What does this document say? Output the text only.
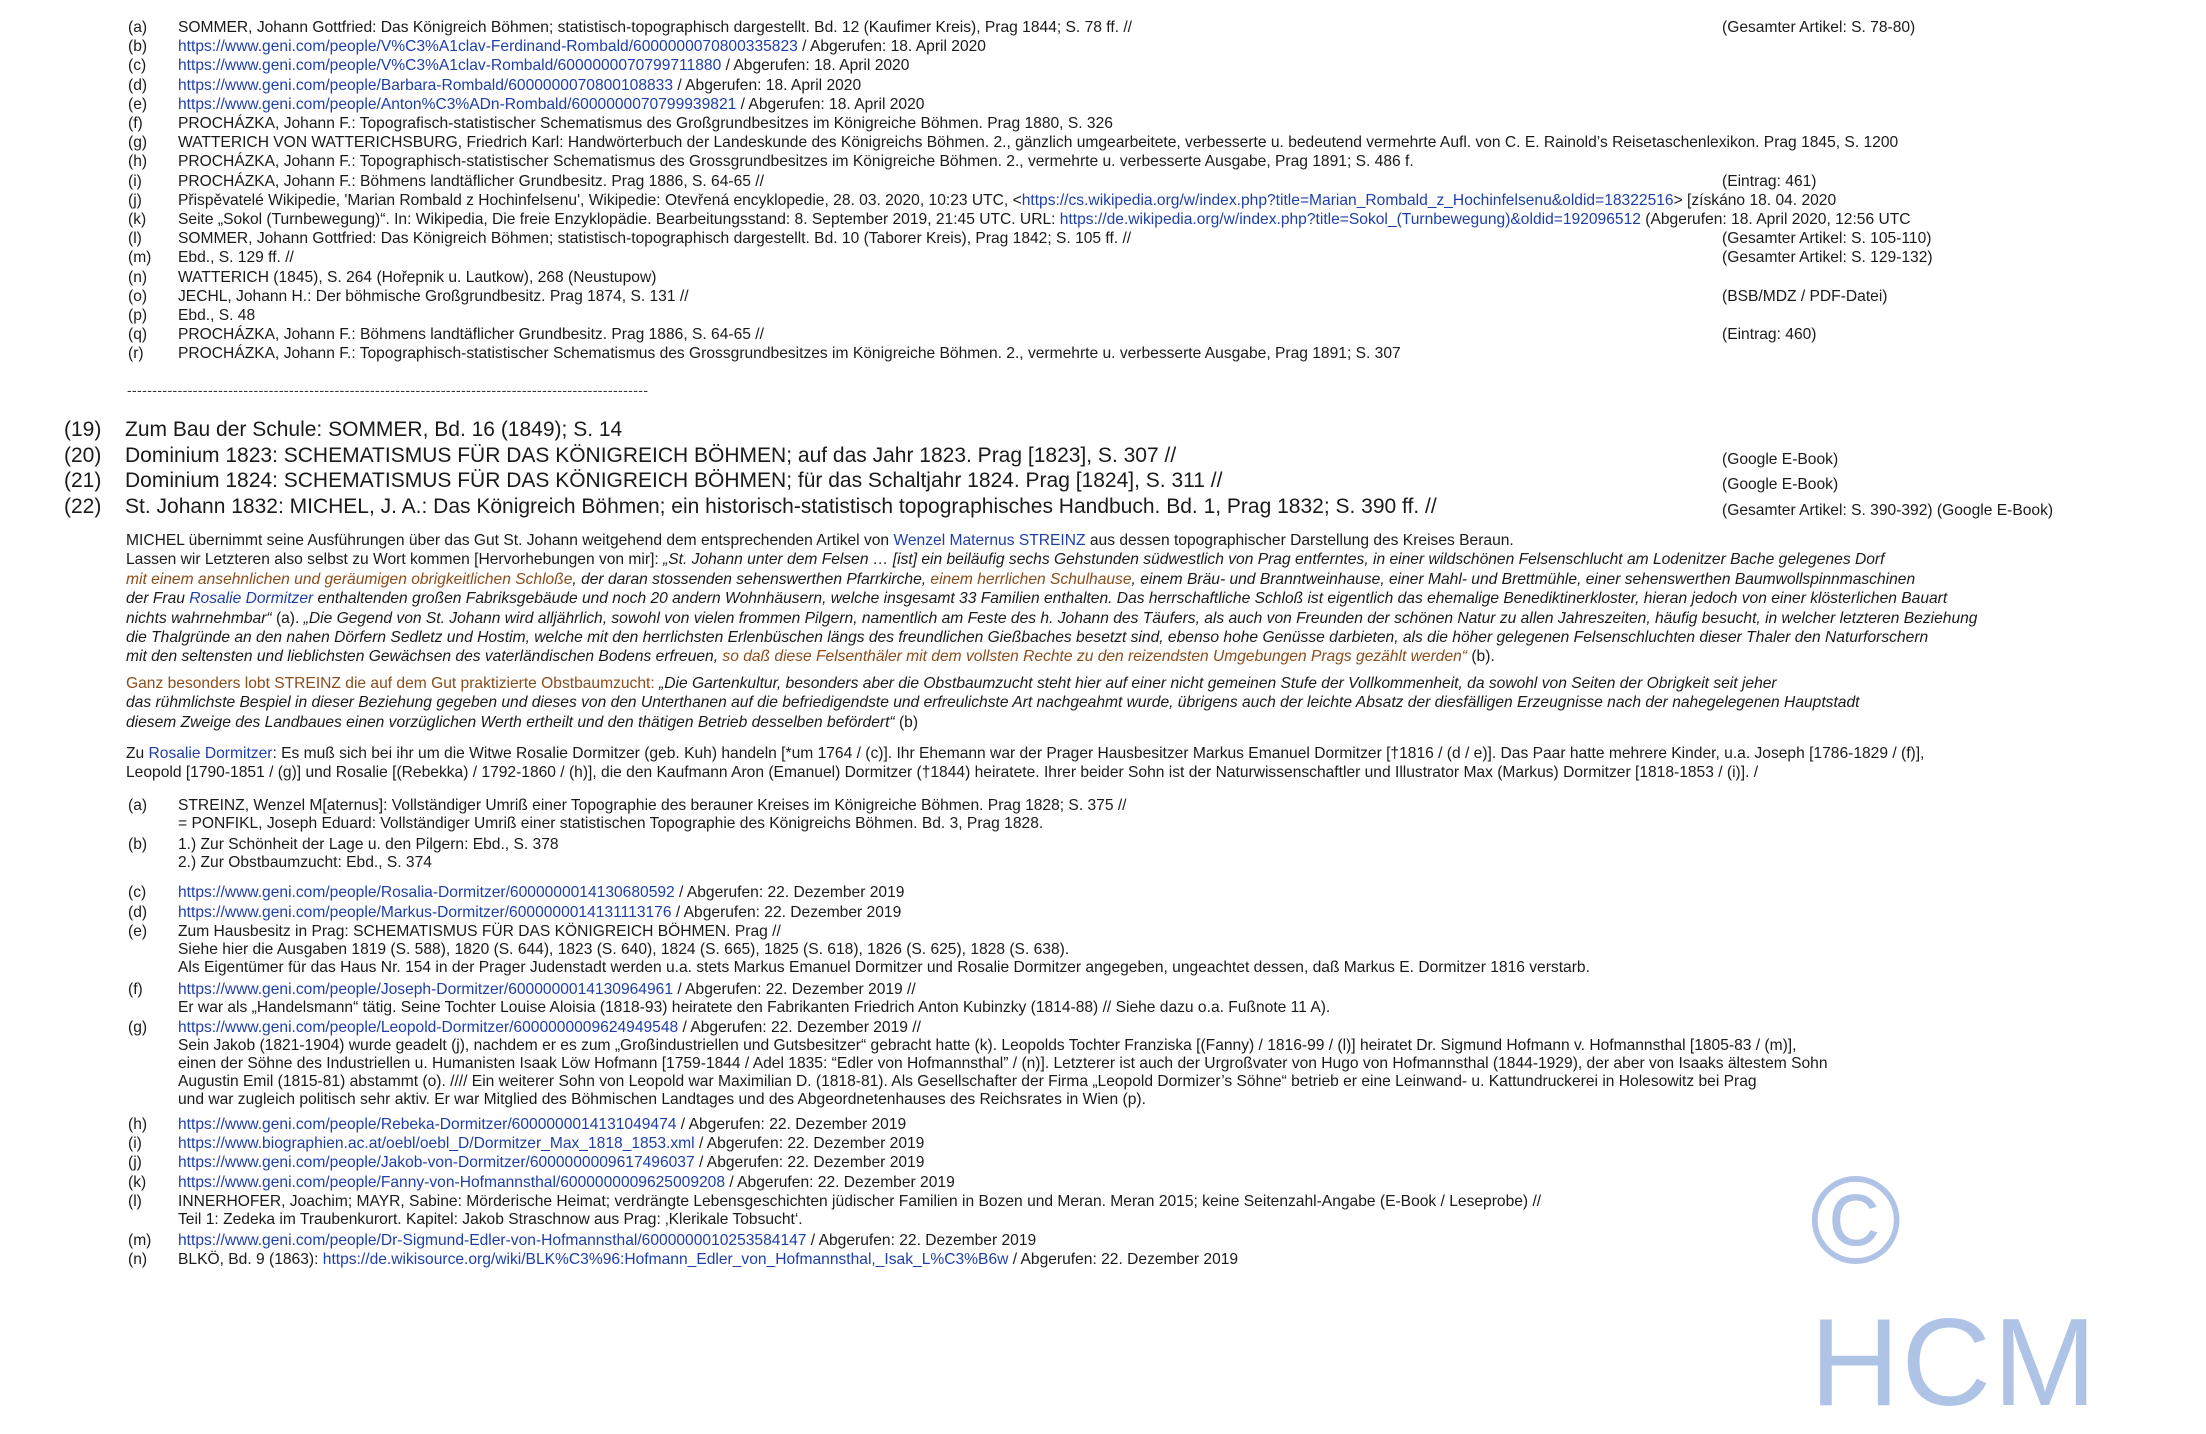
(a) SOMMER, Johann Gottfried: Das Königreich Böhmen; statistisch-topographisch dargestellt. Bd. 12 (Kaufimer Kreis), Prag 1844; S. 78 ff. //	(Gesamter Artikel: S. 78-80)
(b) https://www.geni.com/people/V%C3%A1clav-Ferdinand-Rombald/6000000070800335823 / Abgerufen: 18. April 2020
(c) https://www.geni.com/people/V%C3%A1clav-Rombald/6000000070799711880 / Abgerufen: 18. April 2020
(d) https://www.geni.com/people/Barbara-Rombald/6000000070800108833 / Abgerufen: 18. April 2020
(e) https://www.geni.com/people/Anton%C3%ADn-Rombald/6000000070799939821 / Abgerufen: 18. April 2020
(f) PROCHÁZKA, Johann F.: Topografisch-statistischer Schematismus des Großgrundbesitzes im Königreiche Böhmen. Prag 1880, S. 326
(g) WATTERICH VON WATTERICHSBURG, Friedrich Karl: Handwörterbuch der Landeskunde des Königreichs Böhmen. 2., gänzlich umgearbeitete, verbesserte u. bedeutend vermehrte Aufl. von C. E. Rainold’s Reisetaschenlexikon. Prag 1845, S. 1200
(h) PROCHÁZKA, Johann F.: Topographisch-statistischer Schematismus des Grossgrundbesitzes im Königreiche Böhmen. 2., vermehrte u. verbesserte Ausgabe, Prag 1891; S. 486 f.
(i) PROCHÁZKA, Johann F.: Böhmens landtäflicher Grundbesitz. Prag 1886, S. 64-65 //	(Eintrag: 461)
(j) Přispěvatelé Wikipedie, 'Marian Rombald z Hochinfelsenu', Wikipedie: Otevřená encyklopedie, 28. 03. 2020, 10:23 UTC, <https://cs.wikipedia.org/w/index.php?title=Marian_Rombald_z_Hochinfelsenu&oldid=18322516> [získáno 18. 04. 2020
(k) Seite „Sokol (Turnbewegung)“. In: Wikipedia, Die freie Enzyklopädie. Bearbeitungsstand: 8. September 2019, 21:45 UTC. URL: https://de.wikipedia.org/w/index.php?title=Sokol_(Turnbewegung)&oldid=192096512 (Abgerufen: 18. April 2020, 12:56 UTC
(l) SOMMER, Johann Gottfried: Das Königreich Böhmen; statistisch-topographisch dargestellt. Bd. 10 (Taborer Kreis), Prag 1842; S. 105 ff. //	(Gesamter Artikel: S. 105-110)
(m) Ebd., S. 129 ff. //	(Gesamter Artikel: S. 129-132)
(n) WATTERICH (1845), S. 264 (Hořepnik u. Lautkow), 268 (Neustupow)
(o) JECHL, Johann H.: Der böhmische Großgrundbesitz. Prag 1874, S. 131 //	(BSB/MDZ / PDF-Datei)
(p) Ebd., S. 48
(q) PROCHÁZKA, Johann F.: Böhmens landtäflicher Grundbesitz. Prag 1886, S. 64-65 //	(Eintrag: 460)
(r) PROCHÁZKA, Johann F.: Topographisch-statistischer Schematismus des Grossgrundbesitzes im Königreiche Böhmen. 2., vermehrte u. verbesserte Ausgabe, Prag 1891; S. 307
(19) Zum Bau der Schule: SOMMER, Bd. 16 (1849); S. 14
(20) Dominium 1823: SCHEMATISMUS FÜR DAS KÖNIGREICH BÖHMEN; auf das Jahr 1823. Prag [1823], S. 307 //	(Google E-Book)
(21) Dominium 1824: SCHEMATISMUS FÜR DAS KÖNIGREICH BÖHMEN; für das Schaltjahr 1824. Prag [1824], S. 311 //	(Google E-Book)
(22) St. Johann 1832: MICHEL, J. A.: Das Königreich Böhmen; ein historisch-statistisch topographisches Handbuch. Bd. 1, Prag 1832; S. 390 ff. //	(Gesamter Artikel: S. 390-392) (Google E-Book)
MICHEL übernimmt seine Ausführungen über das Gut St. Johann weitgehend dem entsprechenden Artikel von Wenzel Maternus STREINZ aus dessen topographischer Darstellung des Kreises Beraun.
Lassen wir Letzteren also selbst zu Wort kommen [Hervorhebungen von mir]: „St. Johann unter dem Felsen … [ist] ein beiläufig sechs Gehstunden südwestlich von Prag entferntes, in einer wildschönen Felsenschlucht am Lodenitzer Bache gelegenes Dorf
mit einem ansehnlichen und geräumigen obrigkeitlichen Schloße, der daran stossenden sehenswerthen Pfarrkirche, einem herrlichen Schulhause, einem Bräu- und Branntweinhause, einer Mahl- und Brettmühle, einer sehenswerthen Baumwollspinnmaschinen
der Frau Rosalie Dormitzer enthaltenden großen Fabriksgebäude und noch 20 andern Wohnhäusern, welche insgesamt 33 Familien enthalten. Das herrschaftliche Schloß ist eigentlich das ehemalige Benediktinerkloster, hieran jedoch von einer klösterlichen Bauart
nichts wahrnehmbar“ (a). „Die Gegend von St. Johann wird alljährlich, sowohl von vielen frommen Pilgern, namentlich am Feste des h. Johann des Täufers, als auch von Freunden der schönen Natur zu allen Jahreszeiten, häufig besucht, in welcher letzteren Beziehung
die Thalgründe an den nahen Dörfern Sedletz und Hostim, welche mit den herrlichsten Erlenbüschen längs des freundlichen Gießbaches besetzt sind, ebenso hohe Genüsse darbieten, als die höher gelegenen Felsenschluchten dieser Thaler den Naturforschern
mit den seltensten und lieblichsten Gewächsen des vaterländischen Bodens erfreuen, so daß diese Felsenthäler mit dem vollsten Rechte zu den reizendsten Umgebungen Prags gezählt werden“ (b).
Ganz besonders lobt STREINZ die auf dem Gut praktizierte Obstbaumzucht: „Die Gartenkultur, besonders aber die Obstbaumzucht steht hier auf einer nicht gemeinen Stufe der Vollkommenheit, da sowohl von Seiten der Obrigkeit seit jeher
das rühmlichste Bespiel in dieser Beziehung gegeben und dieses von den Unterthanen auf die befriedigendste und erfreulichste Art nachgeahmt wurde, übrigens auch der leichte Absatz der diesfälligen Erzeugnisse nach der nahegelegenen Hauptstadt
diesem Zweige des Landbaues einen vorzüglichen Werth ertheilt und den thätigen Betrieb desselben befördert“ (b)
Zu Rosalie Dormitzer: Es muß sich bei ihr um die Witwe Rosalie Dormitzer (geb. Kuh) handeln [*um 1764 / (c)]. Ihr Ehemann war der Prager Hausbesitzer Markus Emanuel Dormitzer [†1816 / (d / e)]. Das Paar hatte mehrere Kinder, u.a. Joseph [1786-1829 / (f)],
Leopold [1790-1851 / (g)] und Rosalie [(Rebekka) / 1792-1860 / (h)], die den Kaufmann Aron (Emanuel) Dormitzer (†1844) heiratete. Ihrer beider Sohn ist der Naturwissenschaftler und Illustrator Max (Markus) Dormitzer [1818-1853 / (i)]. /
(a) STREINZ, Wenzel M[aternus]: Vollständiger Umriß einer Topographie des berauner Kreises im Königreiche Böhmen. Prag 1828; S. 375 //
= PONFIKL, Joseph Eduard: Vollständiger Umriß einer statistischen Topographie des Königreichs Böhmen. Bd. 3, Prag 1828.
(b) 1.) Zur Schönheit der Lage u. den Pilgern: Ebd., S. 378
2.) Zur Obstbaumzucht: Ebd., S. 374
(c) https://www.geni.com/people/Rosalia-Dormitzer/6000000014130680592 / Abgerufen: 22. Dezember 2019
(d) https://www.geni.com/people/Markus-Dormitzer/6000000014131113176 / Abgerufen: 22. Dezember 2019
(e) Zum Hausbesitz in Prag: SCHEMATISMUS FÜR DAS KÖNIGREICH BÖHMEN. Prag //
Siehe hier die Ausgaben 1819 (S. 588), 1820 (S. 644), 1823 (S. 640), 1824 (S. 665), 1825 (S. 618), 1826 (S. 625), 1828 (S. 638).
Als Eigentümer für das Haus Nr. 154 in der Prager Judenstadt werden u.a. stets Markus Emanuel Dormitzer und Rosalie Dormitzer angegeben, ungeachtet dessen, daß Markus E. Dormitzer 1816 verstarb.
(f) https://www.geni.com/people/Joseph-Dormitzer/6000000014130964961 / Abgerufen: 22. Dezember 2019 //
Er war als „Handelsmann“ tätig. Seine Tochter Louise Aloisia (1818-93) heiratete den Fabrikanten Friedrich Anton Kubinzky (1814-88) // Siehe dazu o.a. Fußnote 11 A).
(g) https://www.geni.com/people/Leopold-Dormitzer/6000000009624949548 / Abgerufen: 22. Dezember 2019 //
Sein Jakob (1821-1904) wurde geadelt (j), nachdem er es zum „Großindustriellen und Gutsbesitzer“ gebracht hatte (k). Leopolds Tochter Franziska [(Fanny) / 1816-99 / (l)] heiratet Dr. Sigmund Hofmann v. Hofmannsthal [1805-83 / (m)],
einen der Söhne des Industriellen u. Humanisten Isaak Löw Hofmann [1759-1844 / Adel 1835: “Edler von Hofmannsthal” / (n)]. Letzterer ist auch der Urgroßvater von Hugo von Hofmannsthal (1844-1929), der aber von Isaaks ältestem Sohn
Augustin Emil (1815-81) abstammt (o). //// Ein weiterer Sohn von Leopold war Maximilian D. (1818-81). Als Gesellschafter der Firma „Leopold Dormizer’s Söhne“ betrieb er eine Leinwand- u. Kattundruckerei in Holesowitz bei Prag
und war zugleich politisch sehr aktiv. Er war Mitglied des Böhmischen Landtages und des Abgeordnetenhauses des Reichsrates in Wien (p).
(h) https://www.geni.com/people/Rebeka-Dormitzer/6000000014131049474 / Abgerufen: 22. Dezember 2019
(i) https://www.biographien.ac.at/oebl/oebl_D/Dormitzer_Max_1818_1853.xml / Abgerufen: 22. Dezember 2019
(j) https://www.geni.com/people/Jakob-von-Dormitzer/6000000009617496037 / Abgerufen: 22. Dezember 2019
(k) https://www.geni.com/people/Fanny-von-Hofmannsthal/6000000009625009208 / Abgerufen: 22. Dezember 2019
(l) INNERHOFER, Joachim; MAYR, Sabine: Mörderische Heimat; verdrängte Lebensgeschichten jüdischer Familien in Bozen und Meran. Meran 2015; keine Seitenzahl-Angabe (E-Book / Leseprobe) //
Teil 1: Zedeka im Traubenkurort. Kapitel: Jakob Straschnow aus Prag: ‚Klerikale Tobsucht‘.
(m) https://www.geni.com/people/Dr-Sigmund-Edler-von-Hofmannsthal/6000000010253584147 / Abgerufen: 22. Dezember 2019
(n) BLKÖ, Bd. 9 (1863): https://de.wikisource.org/wiki/BLK%C3%96:Hofmann_Edler_von_Hofmannsthal,_Isak_L%C3%B6w / Abgerufen: 22. Dezember 2019
-------------------------------------------------------------------------------------------------------
© HCM
